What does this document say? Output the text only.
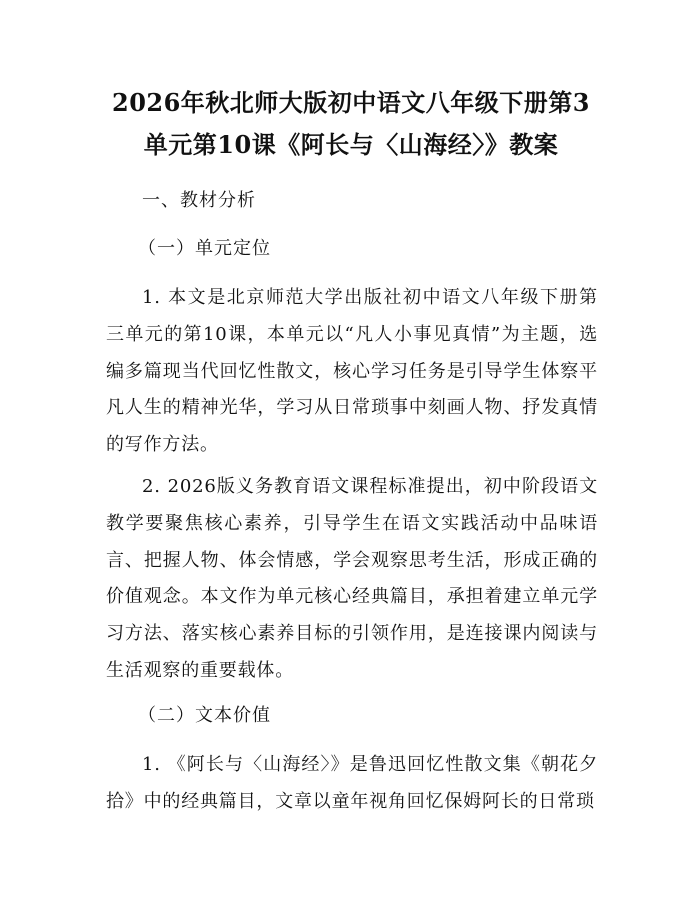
2026年秋北师大版初中语文八年级下册第3
单元第10课《阿长与〈山海经〉》教案
一、教材分析
（一）单元定位

1. 本文是北京师范大学出版社初中语文八年级下册第三单元的第10课，本单元以“凡人小事见真情”为主题，选编多篇现当代回忆性散文，核心学习任务是引导学生体察平凡人生的精神光华，学习从日常琐事中刻画人物、抒发真情的写作方法。

2. 2026版义务教育语文课程标准提出，初中阶段语文教学要聚焦核心素养，引导学生在语文实践活动中品味语言、把握人物、体会情感，学会观察思考生活，形成正确的价值观念。本文作为单元核心经典篇目，承担着建立单元学习方法、落实核心素养目标的引领作用，是连接课内阅读与生活观察的重要载体。

（二）文本价值

1. 《阿长与〈山海经〉》是鲁迅回忆性散文集《朝花夕拾》中的经典篇目，文章以童年视角回忆保姆阿长的日常琐
